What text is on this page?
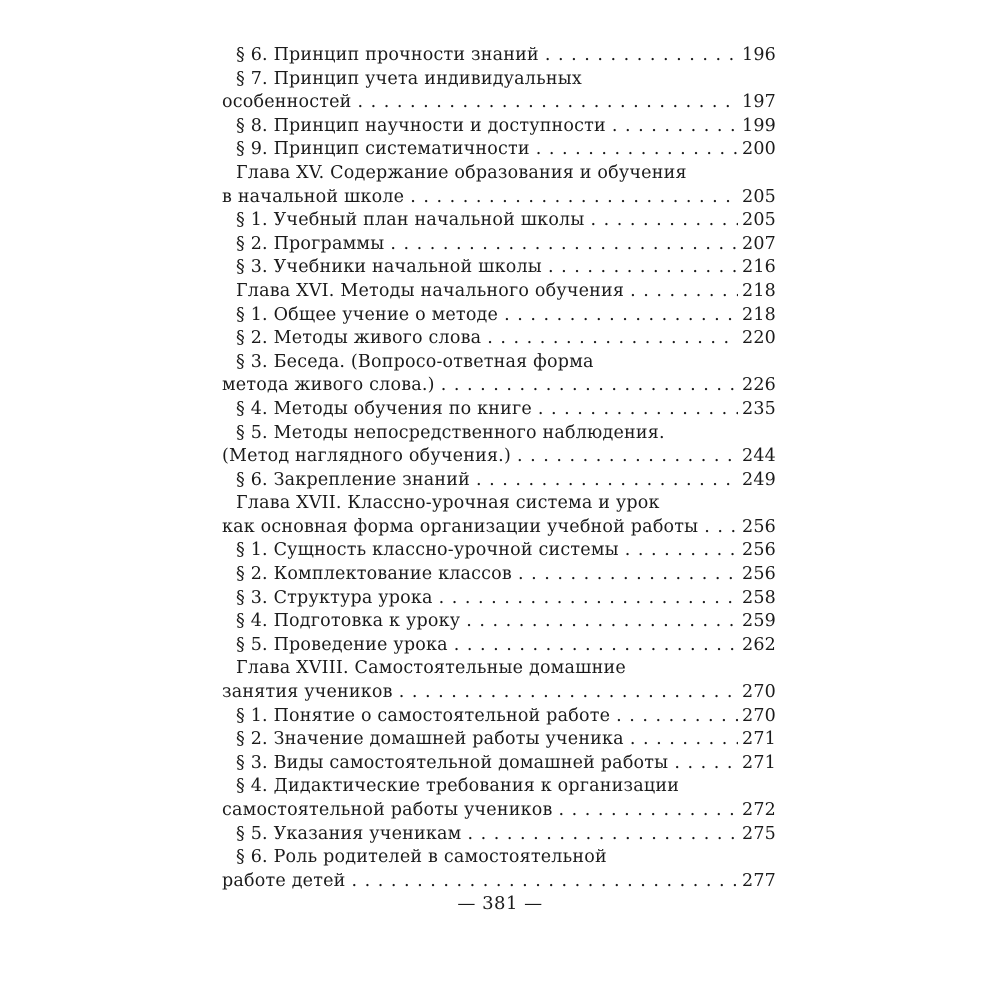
§ 6. Принцип прочности знаний . . .	196
§ 7. Принцип учета индивидуальных
особенностей . . .	197
§ 8. Принцип научности и доступности . . .	199
§ 9. Принцип систематичности . . .	200
Глава XV. Содержание образования и обучения
в начальной школе . . .	205
§ 1. Учебный план начальной школы . . .	205
§ 2. Программы . . .	207
§ 3. Учебники начальной школы . . .	216
Глава XVI. Методы начального обучения . . .	218
§ 1. Общее учение о методе . . .	218
§ 2. Методы живого слова . . .	220
§ 3. Беседа. (Вопросо-ответная форма
метода живого слова.) . . .	226
§ 4. Методы обучения по книге . . .	235
§ 5. Методы непосредственного наблюдения.
(Метод наглядного обучения.) . . .	244
§ 6. Закрепление знаний . . .	249
Глава XVII. Классно-урочная система и урок
как основная форма организации учебной работы . . . 256
§ 1. Сущность классно-урочной системы . . .	256
§ 2. Комплектование классов . . .	256
§ 3. Структура урока . . .	258
§ 4. Подготовка к уроку . . .	259
§ 5. Проведение урока . . .	262
Глава XVIII. Самостоятельные домашние
занятия учеников . . .	270
§ 1. Понятие о самостоятельной работе . . .	270
§ 2. Значение домашней работы ученика . . .	271
§ 3. Виды самостоятельной домашней работы . . .	271
§ 4. Дидактические требования к организации
самостоятельной работы учеников . . .	272
§ 5. Указания ученикам . . .	275
§ 6. Роль родителей в самостоятельной
работе детей . . .	277
— 381 —
